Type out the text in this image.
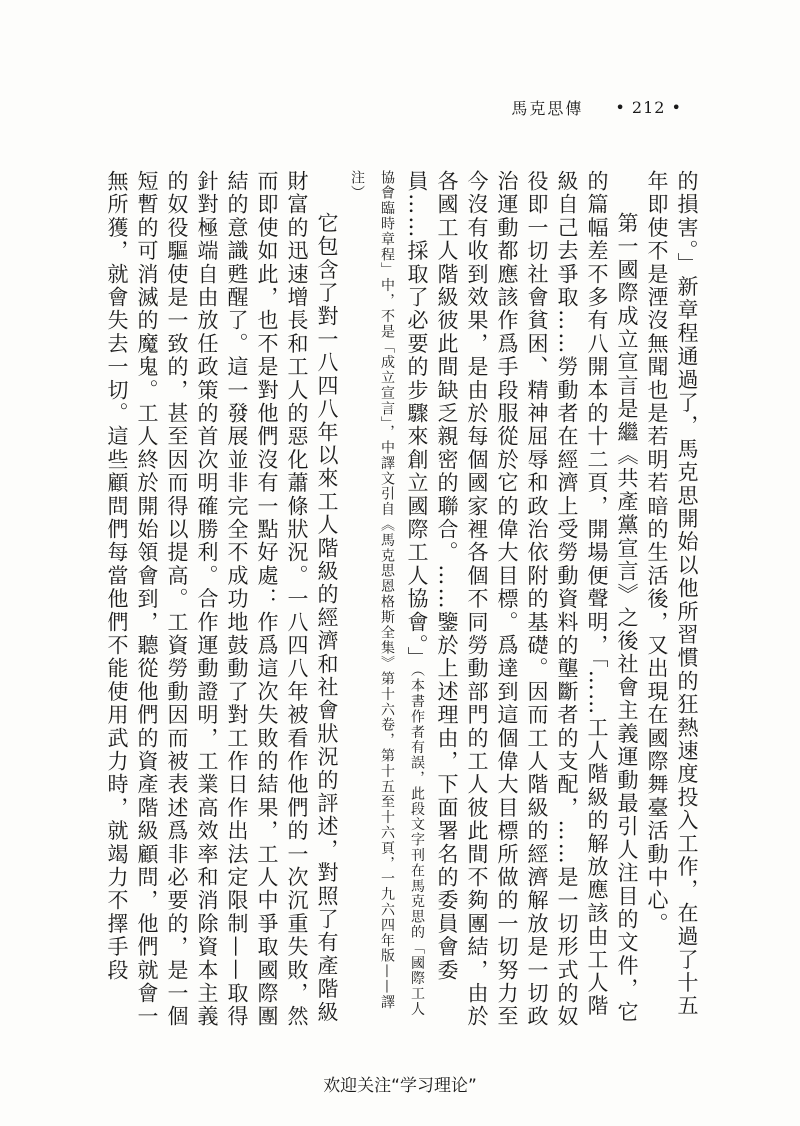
馬克思傳 • 212 •

的損害。」新章程通過了，馬克思開始以他所習慣的狂熱速度投入工作，在過了十五年即使不是湮沒無聞也是若明若暗的生活後，又出現在國際舞臺活動中心。

第一國際成立宣言是繼《共產黨宣言》之後社會主義運動最引人注目的文件，它的篇幅差不多有八開本的十二頁，開場便聲明，「……工人階級的解放應該由工人階級自己去爭取……勞動者在經濟上受勞動資料的壟斷者的支配，……是一切形式的奴役即一切社會貧困、精神屈辱和政治依附的基礎。因而工人階級的經濟解放是一切政治運動都應該作爲手段服從於它的偉大目標。爲達到這個偉大目標所做的一切努力至今沒有收到效果，是由於每個國家裡各個不同勞動部門的工人彼此間不夠團結，由於各國工人階級彼此間缺乏親密的聯合。……鑒於上述理由，下面署名的委員會委員……採取了必要的步驟來創立國際工人協會。」（本書作者有誤，此段文字刊在馬克思的「國際工人協會臨時章程」中，不是「成立宣言」，中譯文引自《馬克思恩格斯全集》第十六卷，第十五至十六頁，一九六四年版——譯注）

它包含了對一八四八年以來工人階級的經濟和社會狀況的評述，對照了有產階級財富的迅速增長和工人的惡化蕭條狀況。一八四八年被看作他們的一次沉重失敗，然而即使如此，也不是對他們沒有一點好處：作爲這次失敗的結果，工人中爭取國際團結的意識甦醒了。這一發展並非完全不成功地鼓動了對工作日作出法定限制——取得針對極端自由放任政策的首次明確勝利。合作運動證明，工業高效率和消除資本主義的奴役驅使是一致的，甚至因而得以提高。工資勞動因而被表述爲非必要的，是一個短暫的可消滅的魔鬼。工人終於開始領會到，聽從他們的資產階級顧問，他們就會一無所獲，就會失去一切。這些顧問們每當他們不能使用武力時，就竭力不擇手段

欢迎关注“学习理论”
